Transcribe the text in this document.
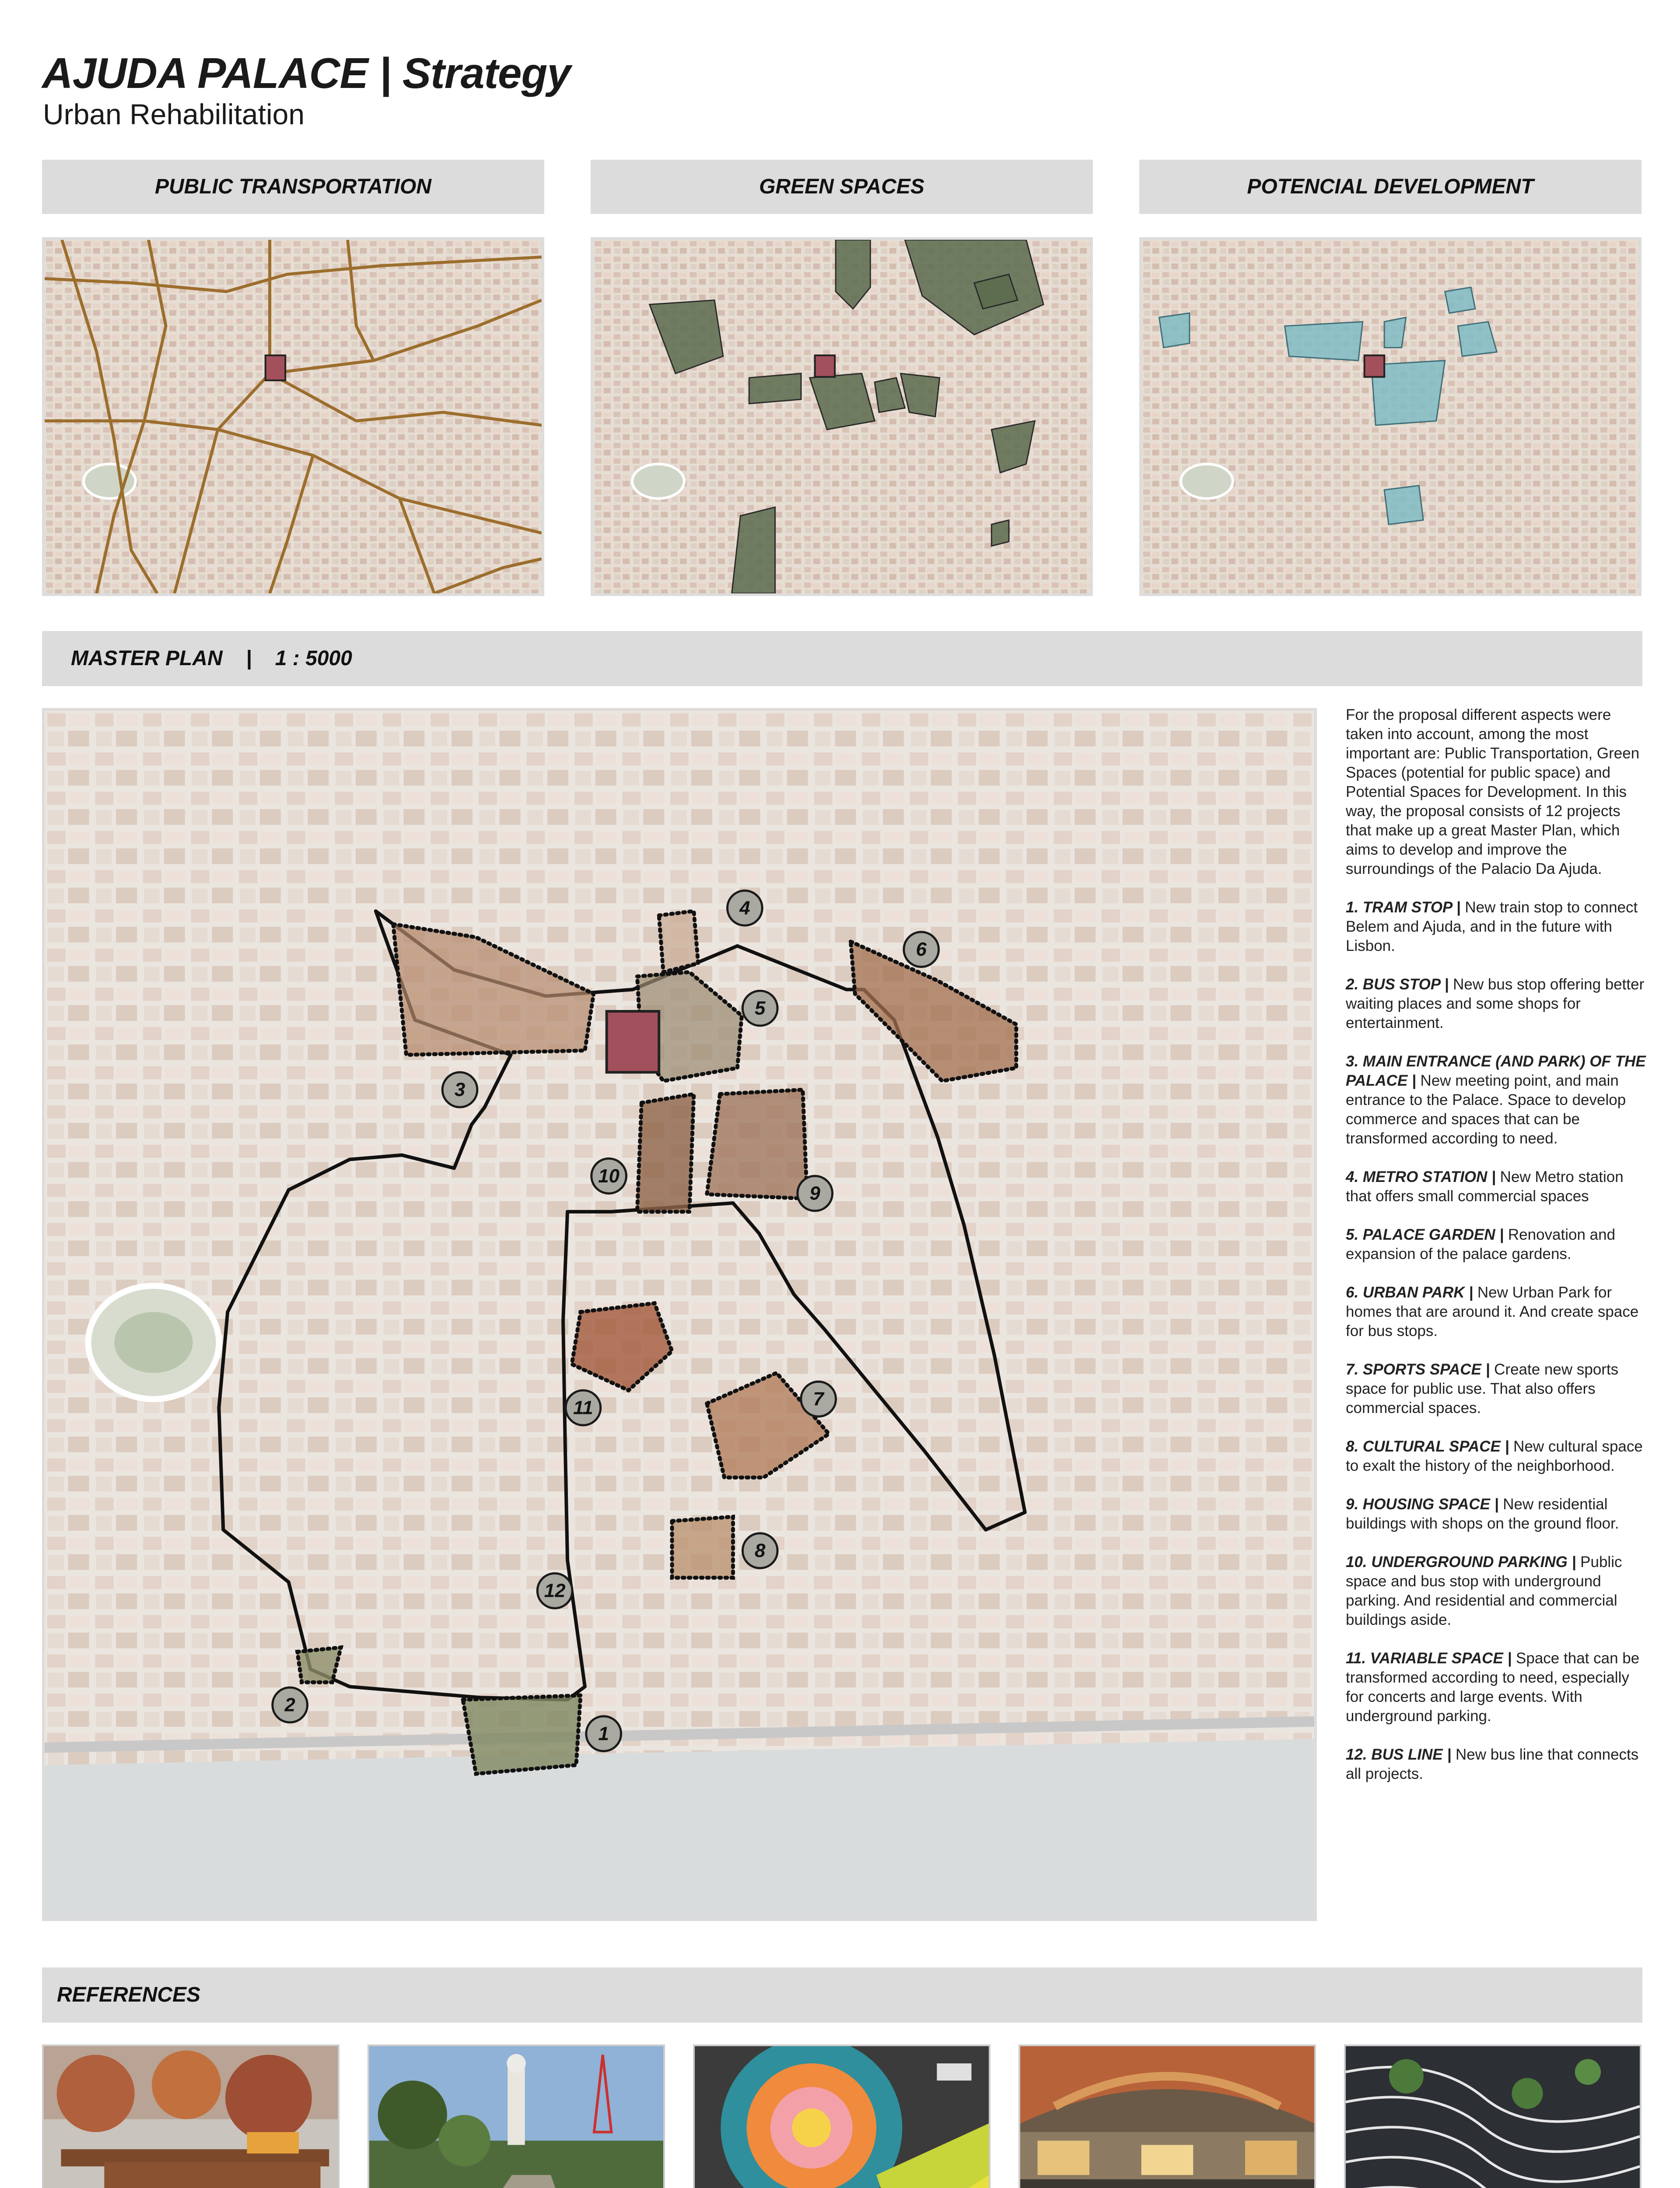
AJUDA PALACE | Strategy
Urban Rehabilitation
PUBLIC TRANSPORTATION	GREEN SPACES	POTENCIAL DEVELOPMENT
MASTER PLAN    |    1 : 5000
1
2
3
4
5
6
7
8
9
10
11
12

For the proposal different aspects were taken into account, among the most important are: Public Transportation, Green Spaces (potential for public space) and Potential Spaces for Development. In this way, the proposal consists of 12 projects that make up a great Master Plan, which aims to develop and improve the surroundings of the Palacio Da Ajuda.

1. TRAM STOP | New train stop to connect Belem and Ajuda, and in the future with Lisbon.

2. BUS STOP | New bus stop offering better waiting places and some shops for entertainment.

3. MAIN ENTRANCE (AND PARK) OF THE PALACE | New meeting point, and main entrance to the Palace. Space to develop commerce and spaces that can be transformed according to need.

4. METRO STATION | New Metro station that offers small commercial spaces

5. PALACE GARDEN | Renovation and expansion of the palace gardens.

6. URBAN PARK | New Urban Park for homes that are around it. And create space for bus stops.

7. SPORTS SPACE | Create new sports space for public use. That also offers commercial spaces.

8. CULTURAL SPACE | New cultural space to exalt the history of the neighborhood.

9. HOUSING SPACE | New residential buildings with shops on the ground floor.

10. UNDERGROUND PARKING | Public space and bus stop with underground parking. And residential and commercial buildings aside.

11. VARIABLE SPACE | Space that can be transformed according to need, especially for concerts and large events. With underground parking.

12. BUS LINE | New bus line that connects all projects.

REFERENCES
